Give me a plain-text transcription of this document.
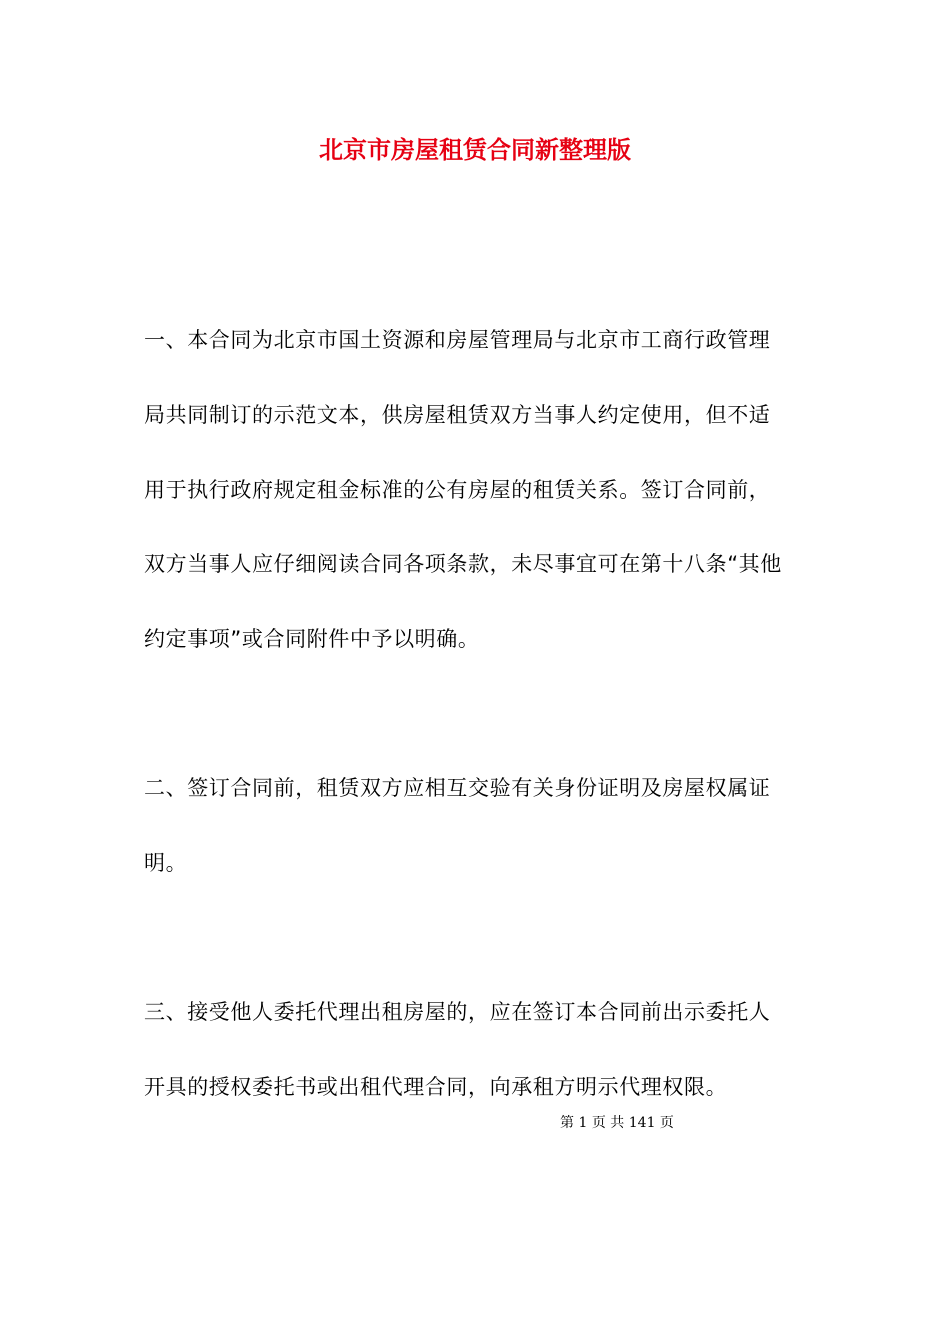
北京市房屋租赁合同新整理版
一、本合同为北京市国土资源和房屋管理局与北京市工商行政管理
局共同制订的示范文本，供房屋租赁双方当事人约定使用，但不适
用于执行政府规定租金标准的公有房屋的租赁关系。签订合同前，
双方当事人应仔细阅读合同各项条款，未尽事宜可在第十八条“其他
约定事项”或合同附件中予以明确。
二、签订合同前，租赁双方应相互交验有关身份证明及房屋权属证
明。
三、接受他人委托代理出租房屋的，应在签订本合同前出示委托人
开具的授权委托书或出租代理合同，向承租方明示代理权限。
第 1 页 共 141 页
